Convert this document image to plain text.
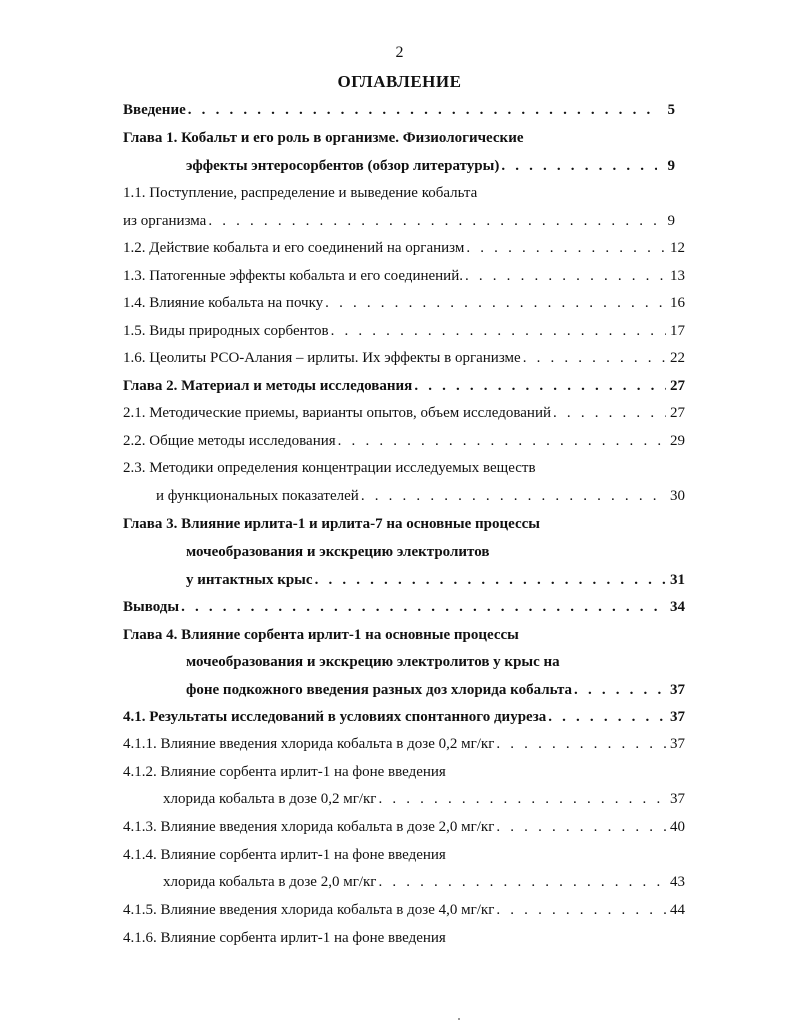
2
ОГЛАВЛЕНИЕ
Введение . . .	5
Глава 1. Кобальт и его роль в организме. Физиологические
эффекты энтеросорбентов (обзор литературы) . . .	9
1.1. Поступление, распределение и выведение кобальта
из организма . . .	9
1.2. Действие кобальта и его соединений на организм . . .	12
1.3. Патогенные эффекты кобальта и его соединений. . . .	13
1.4. Влияние кобальта на почку . . .	16
1.5. Виды природных сорбентов . . .	17
1.6. Цеолиты РСО-Алания – ирлиты. Их эффекты в организме . . .	22
Глава 2. Материал и методы исследования . . .	27
2.1. Методические приемы, варианты опытов, объем исследований . . .	27
2.2. Общие методы исследования . . .	29
2.3. Методики определения концентрации исследуемых веществ
и функциональных показателей . . .	30
Глава 3. Влияние ирлита-1 и ирлита-7 на основные процессы
мочеобразования и экскрецию электролитов
у интактных крыс . . .	31
Выводы . . .	34
Глава 4. Влияние сорбента ирлит-1 на основные процессы
мочеобразования и экскрецию электролитов у крыс на
фоне подкожного введения разных доз хлорида кобальта . . .	37
4.1. Результаты исследований в условиях спонтанного диуреза . . .	37
4.1.1. Влияние введения хлорида кобальта в дозе 0,2 мг/кг . . .	37
4.1.2. Влияние сорбента ирлит-1 на фоне введения
хлорида кобальта в дозе 0,2 мг/кг . . .	37
4.1.3. Влияние введения хлорида кобальта в дозе 2,0 мг/кг . . .	40
4.1.4. Влияние сорбента ирлит-1 на фоне введения
хлорида кобальта в дозе 2,0 мг/кг . . .	43
4.1.5. Влияние введения хлорида кобальта в дозе 4,0 мг/кг . . .	44
4.1.6. Влияние сорбента ирлит-1 на фоне введения
